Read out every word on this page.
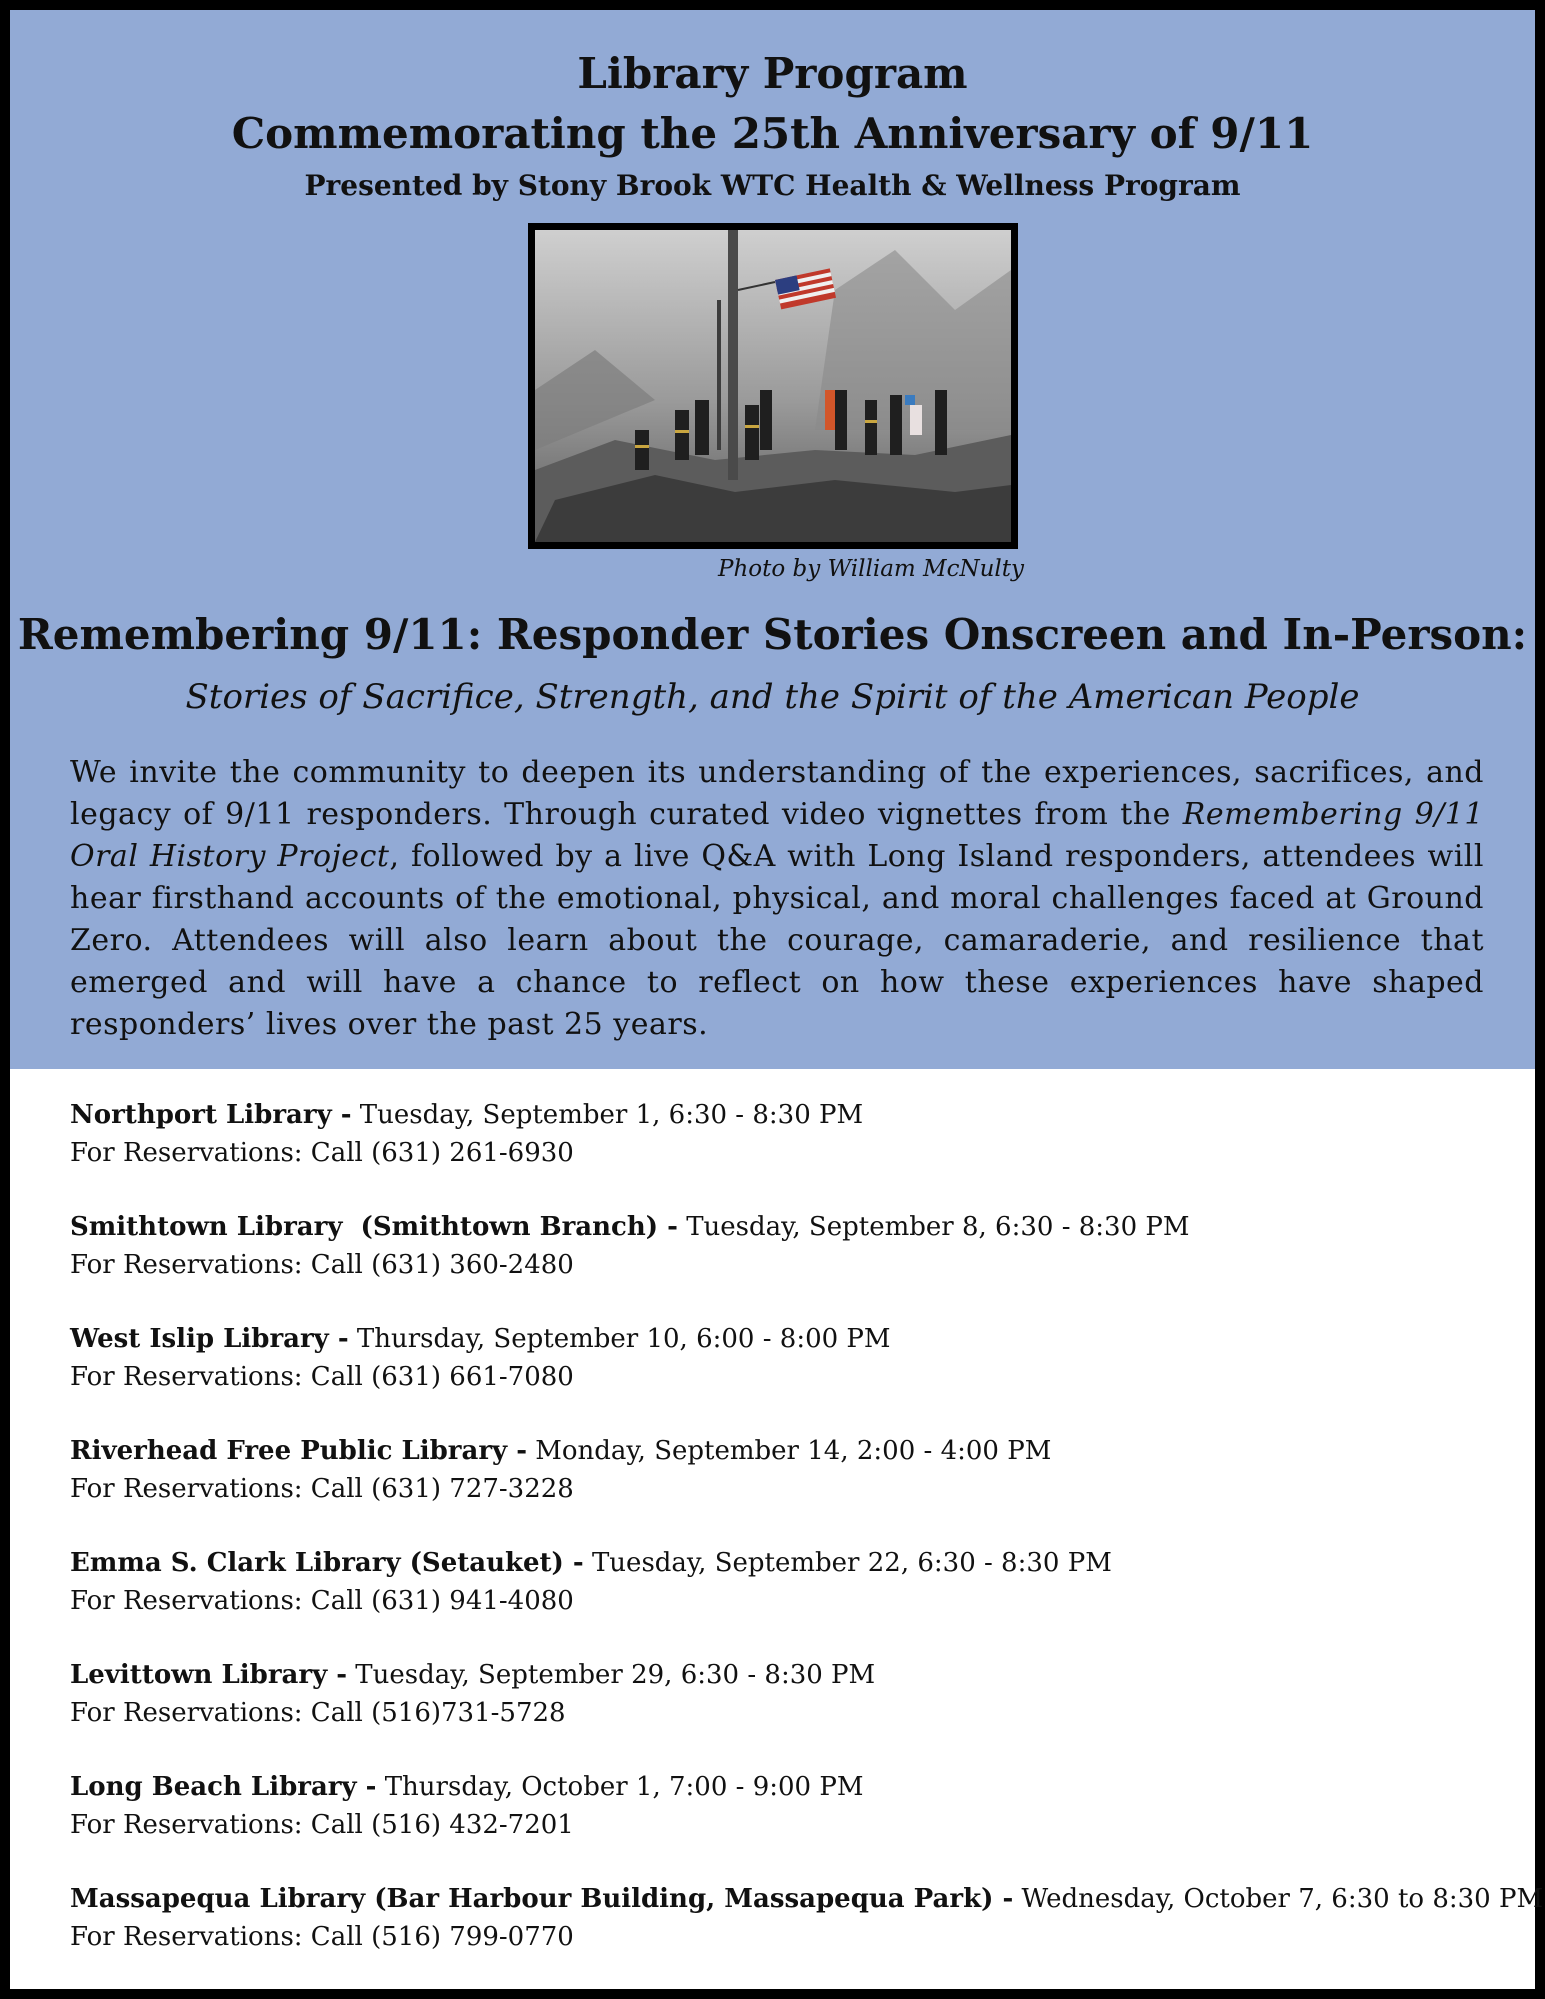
Library Program
Commemorating the 25th Anniversary of 9/11
Presented by Stony Brook WTC Health & Wellness Program
Photo by William McNulty
Remembering 9/11: Responder Stories Onscreen and In-Person:
Stories of Sacrifice, Strength, and the Spirit of the American People
We invite the community to deepen its understanding of the experiences, sacrifices, and legacy of 9/11 responders. Through curated video vignettes from the Remembering 9/11 Oral History Project, followed by a live Q&A with Long Island responders, attendees will hear firsthand accounts of the emotional, physical, and moral challenges faced at Ground Zero. Attendees will also learn about the courage, camaraderie, and resilience that emerged and will have a chance to reflect on how these experiences have shaped responders’ lives over the past 25 years.
Northport Library - Tuesday, September 1, 6:30 - 8:30 PM
For Reservations: Call (631) 261-6930
Smithtown Library  (Smithtown Branch) - Tuesday, September 8, 6:30 - 8:30 PM
For Reservations: Call (631) 360-2480
West Islip Library - Thursday, September 10, 6:00 - 8:00 PM
For Reservations: Call (631) 661-7080
Riverhead Free Public Library - Monday, September 14, 2:00 - 4:00 PM
For Reservations: Call (631) 727-3228
Emma S. Clark Library (Setauket) - Tuesday, September 22, 6:30 - 8:30 PM
For Reservations: Call (631) 941-4080
Levittown Library - Tuesday, September 29, 6:30 - 8:30 PM
For Reservations: Call (516)731-5728
Long Beach Library - Thursday, October 1, 7:00 - 9:00 PM
For Reservations: Call (516) 432-7201
Massapequa Library (Bar Harbour Building, Massapequa Park) - Wednesday, October 7, 6:30 to 8:30 PM
For Reservations: Call (516) 799-0770
